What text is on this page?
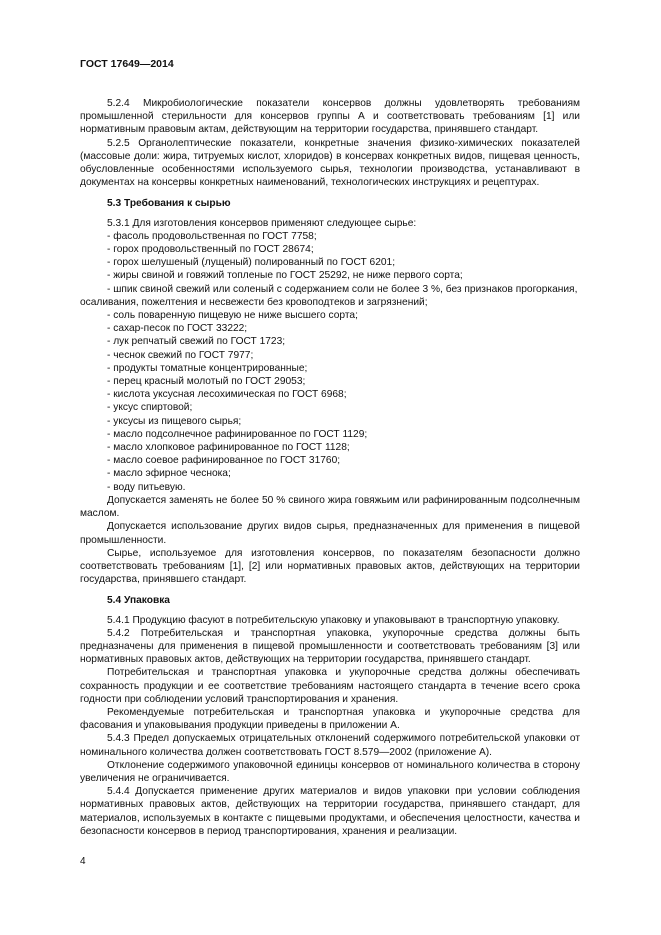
ГОСТ 17649—2014

5.2.4 Микробиологические показатели консервов должны удовлетворять требованиям промышленной стерильности для консервов группы А и соответствовать требованиям [1] или нормативным правовым актам, действующим на территории государства, принявшего стандарт.

5.2.5 Органолептические показатели, конкретные значения физико-химических показателей (массовые доли: жира, титруемых кислот, хлоридов) в консервах конкретных видов, пищевая ценность, обусловленные особенностями используемого сырья, технологии производства, устанавливают в документах на консервы конкретных наименований, технологических инструкциях и рецептурах.

5.3 Требования к сырью

5.3.1 Для изготовления консервов применяют следующее сырье:

- фасоль продовольственная по ГОСТ 7758;
- горох продовольственный по ГОСТ 28674;
- горох шелушеный (лущеный) полированный по ГОСТ 6201;
- жиры свиной и говяжий топленые по ГОСТ 25292, не ниже первого сорта;
- шпик свиной свежий или соленый с содержанием соли не более 3 %, без признаков прогоркания,

осаливания, пожелтения и несвежести без кровоподтеков и загрязнений;

- соль поваренную пищевую не ниже высшего сорта;
- сахар-песок по ГОСТ 33222;
- лук репчатый свежий по ГОСТ 1723;
- чеснок свежий по ГОСТ 7977;
- продукты томатные концентрированные;
- перец красный молотый по ГОСТ 29053;
- кислота уксусная лесохимическая по ГОСТ 6968;
- уксус спиртовой;
- уксусы из пищевого сырья;
- масло подсолнечное рафинированное по ГОСТ 1129;
- масло хлопковое рафинированное по ГОСТ 1128;
- масло соевое рафинированное по ГОСТ 31760;
- масло эфирное чеснока;
- воду питьевую.

Допускается заменять не более 50 % свиного жира говяжьим или рафинированным подсолнечным маслом.

Допускается использование других видов сырья, предназначенных для применения в пищевой промышленности.

Сырье, используемое для изготовления консервов, по показателям безопасности должно соответствовать требованиям [1], [2] или нормативных правовых актов, действующих на территории государства, принявшего стандарт.

5.4 Упаковка

5.4.1 Продукцию фасуют в потребительскую упаковку и упаковывают в транспортную упаковку.

5.4.2 Потребительская и транспортная упаковка, укупорочные средства должны быть предназначены для применения в пищевой промышленности и соответствовать требованиям [3] или нормативных правовых актов, действующих на территории государства, принявшего стандарт.

Потребительская и транспортная упаковка и укупорочные средства должны обеспечивать сохранность продукции и ее соответствие требованиям настоящего стандарта в течение всего срока годности при соблюдении условий транспортирования и хранения.

Рекомендуемые потребительская и транспортная упаковка и укупорочные средства для фасования и упаковывания продукции приведены в приложении А.

5.4.3 Предел допускаемых отрицательных отклонений содержимого потребительской упаковки от номинального количества должен соответствовать ГОСТ 8.579—2002 (приложение А).

Отклонение содержимого упаковочной единицы консервов от номинального количества в сторону увеличения не ограничивается.

5.4.4 Допускается применение других материалов и видов упаковки при условии соблюдения нормативных правовых актов, действующих на территории государства, принявшего стандарт, для материалов, используемых в контакте с пищевыми продуктами, и обеспечения целостности, качества и безопасности консервов в период транспортирования, хранения и реализации.

4
